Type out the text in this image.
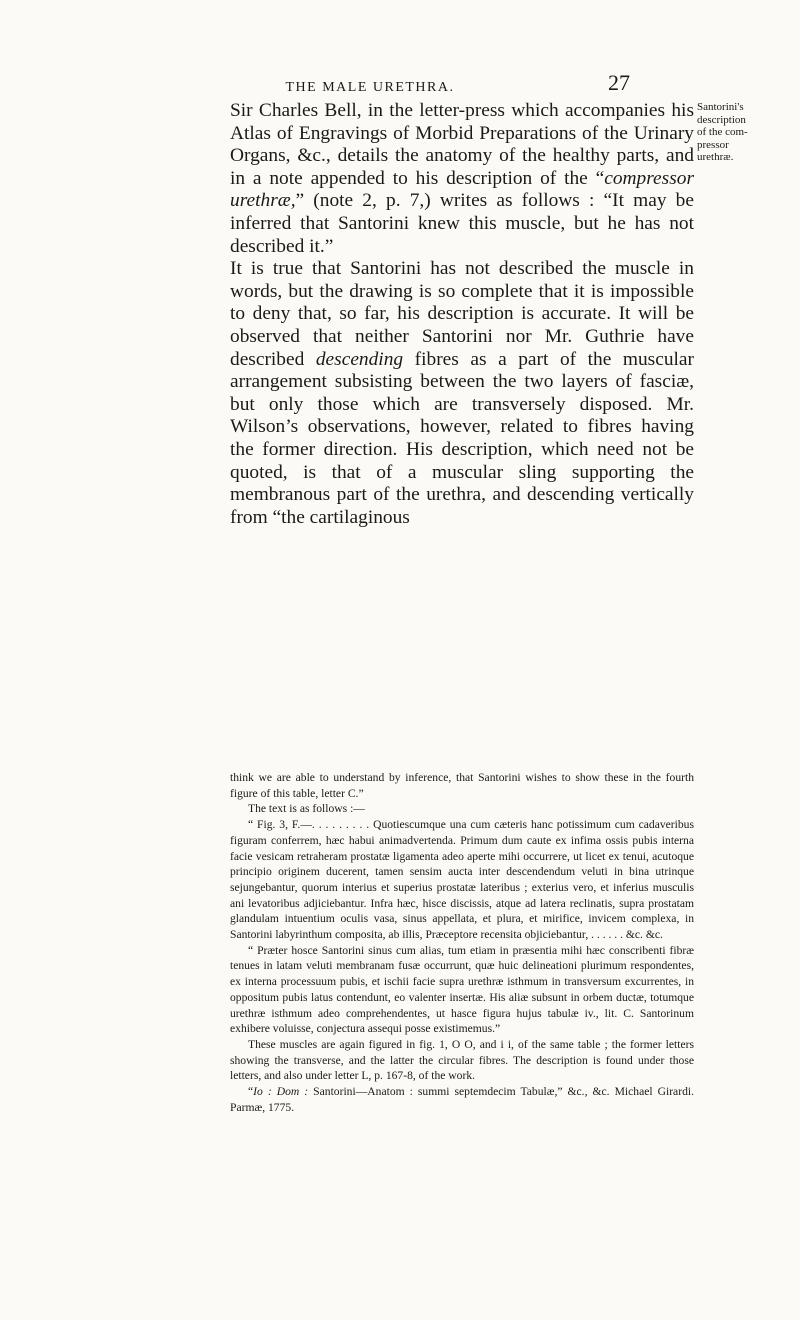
THE MALE URETHRA.	27
Santorini's
description
of the com-
pressor
urethræ.

Sir Charles Bell, in the letter-press which accompanies his Atlas of Engravings of Morbid Preparations of the Urinary Organs, &c., details the anatomy of the healthy parts, and in a note appended to his description of the “compressor urethræ,” (note 2, p. 7,) writes as follows : “It may be inferred that Santorini knew this muscle, but he has not described it.”

It is true that Santorini has not described the muscle in words, but the drawing is so complete that it is impossible to deny that, so far, his description is accurate. It will be observed that neither Santorini nor Mr. Guthrie have described descending fibres as a part of the muscular arrangement subsisting between the two layers of fasciæ, but only those which are transversely disposed. Mr. Wilson’s observations, however, related to fibres having the former direction. His description, which need not be quoted, is that of a muscular sling supporting the membranous part of the urethra, and descending vertically from “the cartilaginous

think we are able to understand by inference, that Santorini wishes to show these in the fourth figure of this table, letter C.”

The text is as follows :—

“ Fig. 3, F.—. . . . . . . . . Quotiescumque una cum cæteris hanc potissimum cum cadaveribus figuram conferrem, hæc habui animadvertenda. Primum dum caute ex infima ossis pubis interna facie vesicam retraheram prostatæ ligamenta adeo aperte mihi occurrere, ut licet ex tenui, acutoque principio originem ducerent, tamen sensim aucta inter descendendum veluti in bina utrinque sejungebantur, quorum interius et superius prostatæ lateribus ; exterius vero, et inferius musculis ani levatoribus adjiciebantur. Infra hæc, hisce discissis, atque ad latera reclinatis, supra prostatam glandulam intuentium oculis vasa, sinus appellata, et plura, et mirifice, invicem complexa, in Santorini labyrinthum composita, ab illis, Præceptore recensita objiciebantur, . . . . . . &c. &c.

“ Præter hosce Santorini sinus cum alias, tum etiam in præsentia mihi hæc conscribenti fibræ tenues in latam veluti membranam fusæ occurrunt, quæ huic delineationi plurimum respondentes, ex interna processuum pubis, et ischii facie supra urethræ isthmum in transversum excurrentes, in oppositum pubis latus contendunt, eo valenter insertæ. His aliæ subsunt in orbem ductæ, totumque urethræ isthmum adeo comprehendentes, ut hasce figura hujus tabulæ iv., lit. C. Santorinum exhibere voluisse, conjectura assequi posse existimemus.”

These muscles are again figured in fig. 1, O O, and i i, of the same table ; the former letters showing the transverse, and the latter the circular fibres. The description is found under those letters, and also under letter L, p. 167-8, of the work.

“Io : Dom : Santorini—Anatom : summi septemdecim Tabulæ,” &c., &c. Michael Girardi. Parmæ, 1775.
